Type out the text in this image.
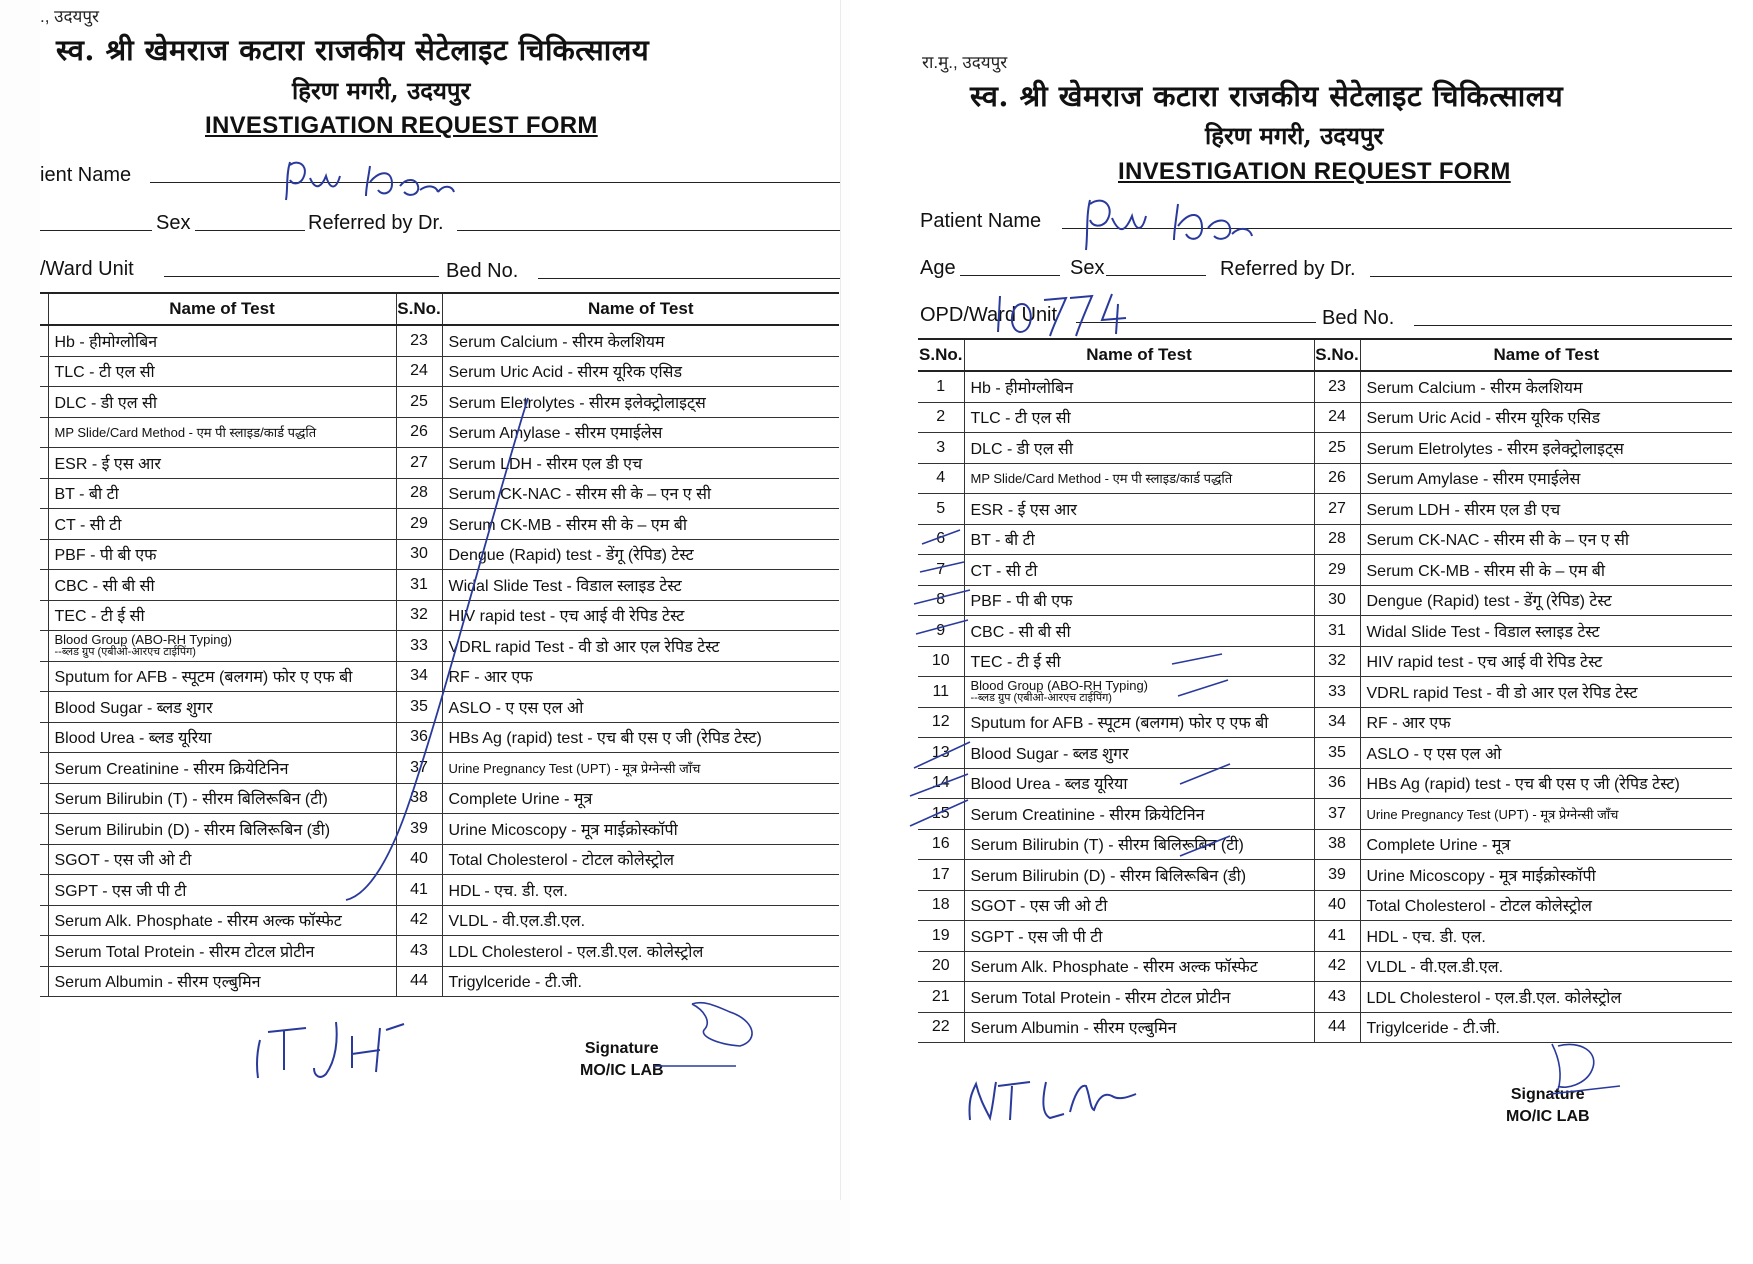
., उदयपुर
स्व. श्री खेमराज कटारा राजकीय सेटेलाइट चिकित्सालय
हिरण मगरी, उदयपुर
INVESTIGATION REQUEST FORM
ient Name
Sex	Referred by Dr.
/Ward Unit	Bed No.
	Name of Test	S.No.	Name of Test
	Hb - हीमोग्लोबिन	23	Serum Calcium - सीरम केलशियम
	TLC - टी एल सी	24	Serum Uric Acid - सीरम यूरिक एसिड
	DLC - डी एल सी	25	Serum Eletrolytes - सीरम इलेक्ट्रोलाइट्स
	MP Slide/Card Method - एम पी स्लाइड/कार्ड पद्धति	26	Serum Amylase - सीरम एमाईलेस
	ESR - ई एस आर	27	Serum LDH - सीरम एल डी एच
	BT - बी टी	28	Serum CK-NAC - सीरम सी के – एन ए सी
	CT - सी टी	29	Serum CK-MB - सीरम सी के – एम बी
	PBF - पी बी एफ	30	Dengue (Rapid) test - डेंगू (रेपिड) टेस्ट
	CBC - सी बी सी	31	Widal Slide Test - विडाल स्लाइड टेस्ट
	TEC - टी ई सी	32	HIV rapid test - एच आई वी रेपिड टेस्ट

	Blood Group (ABO-RH Typing)
--ब्लड ग्रुप (एबीओ-आरएच टाईपिंग)	33	VDRL rapid Test - वी डो आर एल रेपिड टेस्ट
	Sputum for AFB - स्पूटम (बलगम) फोर ए एफ बी	34	RF - आर एफ
	Blood Sugar - ब्लड शुगर	35	ASLO - ए एस एल ओ
	Blood Urea - ब्लड यूरिया	36	HBs Ag (rapid) test - एच बी एस ए जी (रेपिड टेस्ट)
	Serum Creatinine - सीरम क्रियेटिनिन	37	Urine Pregnancy Test (UPT) - मूत्र प्रेग्नेन्सी जाँच
	Serum Bilirubin (T) - सीरम बिलिरूबिन (टी)	38	Complete Urine - मूत्र
	Serum Bilirubin (D) - सीरम बिलिरूबिन (डी)	39	Urine Micoscopy - मूत्र माईक्रोस्कॉपी
	SGOT - एस जी ओ टी	40	Total Cholesterol - टोटल कोलेस्ट्रोल
	SGPT - एस जी पी टी	41	HDL - एच. डी. एल.
	Serum Alk. Phosphate - सीरम अल्क फॉस्फेट	42	VLDL - वी.एल.डी.एल.
	Serum Total Protein - सीरम टोटल प्रोटीन	43	LDL Cholesterol - एल.डी.एल. कोलेस्ट्रोल
	Serum Albumin - सीरम एल्बुमिन	44	Trigylceride - टी.जी.
Signature
MO/IC LAB
रा.मु., उदयपुर
स्व. श्री खेमराज कटारा राजकीय सेटेलाइट चिकित्सालय
हिरण मगरी, उदयपुर
INVESTIGATION REQUEST FORM
Patient Name
Age	Sex	Referred by Dr.
OPD/Ward Unit	Bed No.
S.No.	Name of Test	S.No.	Name of Test
1	Hb - हीमोग्लोबिन	23	Serum Calcium - सीरम केलशियम
2	TLC - टी एल सी	24	Serum Uric Acid - सीरम यूरिक एसिड
3	DLC - डी एल सी	25	Serum Eletrolytes - सीरम इलेक्ट्रोलाइट्स
4	MP Slide/Card Method - एम पी स्लाइड/कार्ड पद्धति	26	Serum Amylase - सीरम एमाईलेस
5	ESR - ई एस आर	27	Serum LDH - सीरम एल डी एच
6	BT - बी टी	28	Serum CK-NAC - सीरम सी के – एन ए सी
7	CT - सी टी	29	Serum CK-MB - सीरम सी के – एम बी
8	PBF - पी बी एफ	30	Dengue (Rapid) test - डेंगू (रेपिड) टेस्ट
9	CBC - सी बी सी	31	Widal Slide Test - विडाल स्लाइड टेस्ट
10	TEC - टी ई सी	32	HIV rapid test - एच आई वी रेपिड टेस्ट
11	Blood Group (ABO-RH Typing)
--ब्लड ग्रुप (एबीओ-आरएच टाईपिंग)	33	VDRL rapid Test - वी डो आर एल रेपिड टेस्ट
12	Sputum for AFB - स्पूटम (बलगम) फोर ए एफ बी	34	RF - आर एफ
13	Blood Sugar - ब्लड शुगर	35	ASLO - ए एस एल ओ
14	Blood Urea - ब्लड यूरिया	36	HBs Ag (rapid) test - एच बी एस ए जी (रेपिड टेस्ट)
15	Serum Creatinine - सीरम क्रियेटिनिन	37	Urine Pregnancy Test (UPT) - मूत्र प्रेग्नेन्सी जाँच
16	Serum Bilirubin (T) - सीरम बिलिरूबिन (टी)	38	Complete Urine - मूत्र
17	Serum Bilirubin (D) - सीरम बिलिरूबिन (डी)	39	Urine Micoscopy - मूत्र माईक्रोस्कॉपी
18	SGOT - एस जी ओ टी	40	Total Cholesterol - टोटल कोलेस्ट्रोल
19	SGPT - एस जी पी टी	41	HDL - एच. डी. एल.
20	Serum Alk. Phosphate - सीरम अल्क फॉस्फेट	42	VLDL - वी.एल.डी.एल.
21	Serum Total Protein - सीरम टोटल प्रोटीन	43	LDL Cholesterol - एल.डी.एल. कोलेस्ट्रोल
22	Serum Albumin - सीरम एल्बुमिन	44	Trigylceride - टी.जी.
Signature
MO/IC LAB
